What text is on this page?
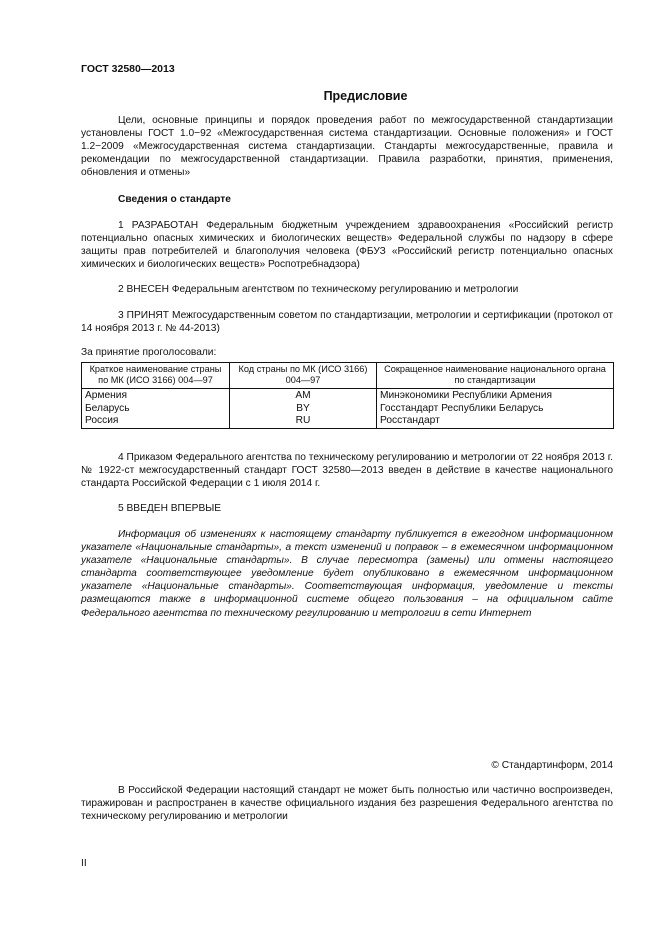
ГОСТ 32580—2013
Предисловие

Цели, основные принципы и порядок проведения работ по межгосударственной стандартизации установлены ГОСТ 1.0−92 «Межгосударственная система стандартизации. Основные положения» и ГОСТ 1.2−2009 «Межгосударственная система стандартизации. Стандарты межгосударственные, правила и рекомендации по межгосударственной стандартизации. Правила разработки, принятия, применения, обновления и отмены»

Сведения о стандарте

1 РАЗРАБОТАН Федеральным бюджетным учреждением здравоохранения «Российский регистр потенциально опасных химических и биологических веществ» Федеральной службы по надзору в сфере защиты прав потребителей и благополучия человека (ФБУЗ «Российский регистр потенциально опасных химических и биологических веществ» Роспотребнадзора)

2 ВНЕСЕН Федеральным агентством по техническому регулированию и метрологии

3 ПРИНЯТ Межгосударственным советом по стандартизации, метрологии и сертификации (протокол от 14 ноября 2013 г. № 44-2013)

За принятие проголосовали:
Краткое наименование страны по МК (ИСО 3166) 004—97	Код страны по МК (ИСО 3166) 004—97	Сокращенное наименование национального органа по стандартизации
Армения	AM	Минэкономики Республики Армения
Беларусь	BY	Госстандарт Республики Беларусь
Россия	RU	Росстандарт

4 Приказом Федерального агентства по техническому регулированию и метрологии от 22 ноября 2013 г. № 1922-ст межгосударственный стандарт ГОСТ 32580—2013 введен в действие в качестве национального стандарта Российской Федерации с 1 июля 2014 г.

5 ВВЕДЕН ВПЕРВЫЕ

Информация об изменениях к настоящему стандарту публикуется в ежегодном информационном указателе «Национальные стандарты», а текст изменений и поправок – в ежемесячном информационном указателе «Национальные стандарты». В случае пересмотра (замены) или отмены настоящего стандарта соответствующее уведомление будет опубликовано в ежемесячном информационном указателе «Национальные стандарты». Соответствующая информация, уведомление и тексты размещаются также в информационной системе общего пользования – на официальном сайте Федерального агентства по техническому регулированию и метрологии в сети Интернет

© Стандартинформ, 2014

В Российской Федерации настоящий стандарт не может быть полностью или частично воспроизведен, тиражирован и распространен в качестве официального издания без разрешения Федерального агентства по техническому регулированию и метрологии

II
